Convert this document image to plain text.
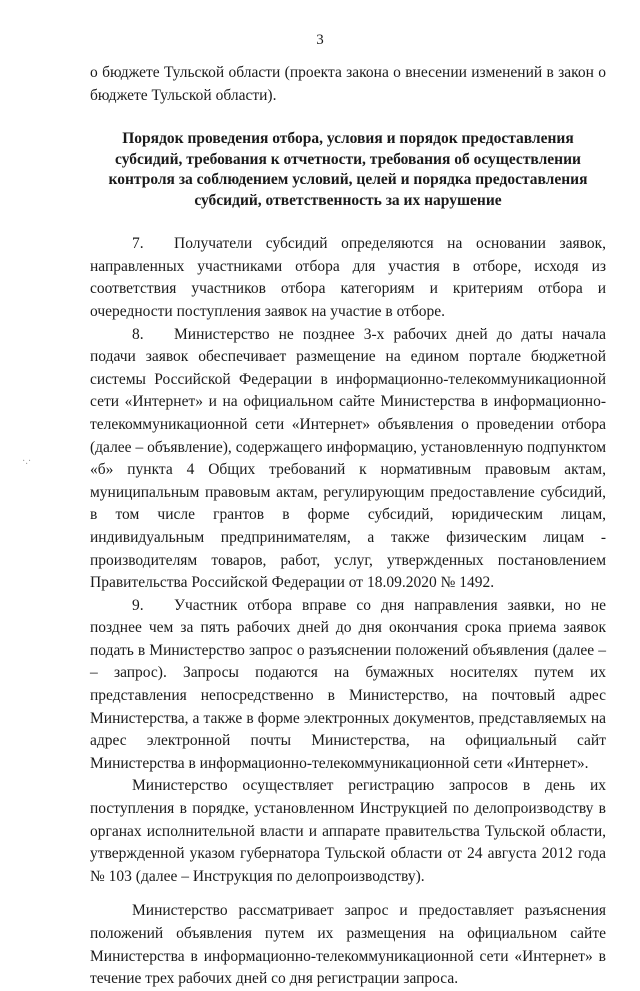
3
·.·

о бюджете Тульской области (проекта закона о внесении изменений в закон о бюджете Тульской области).

Порядок проведения отбора, условия и порядок предоставления субсидий, требования к отчетности, требования об осуществлении контроля за соблюдением условий, целей и порядка предоставления субсидий, ответственность за их нарушение

7. Получатели субсидий определяются на основании заявок, направленных участниками отбора для участия в отборе, исходя из соответствия участников отбора категориям и критериям отбора и очередности поступления заявок на участие в отборе.

8. Министерство не позднее 3-х рабочих дней до даты начала подачи заявок обеспечивает размещение на едином портале бюджетной системы Российской Федерации в информационно-телекоммуникационной сети «Интернет» и на официальном сайте Министерства в информационно-телекоммуникационной сети «Интернет» объявления о проведении отбора (далее – объявление), содержащего информацию, установленную подпунктом «б» пункта 4 Общих требований к нормативным правовым актам, муниципальным правовым актам, регулирующим предоставление субсидий, в том числе грантов в форме субсидий, юридическим лицам, индивидуальным предпринимателям, а также физическим лицам - производителям товаров, работ, услуг, утвержденных постановлением Правительства Российской Федерации от 18.09.2020 № 1492.

9. Участник отбора вправе со дня направления заявки, но не позднее чем за пять рабочих дней до дня окончания срока приема заявок подать в Министерство запрос о разъяснении положений объявления (далее – – запрос). Запросы подаются на бумажных носителях путем их представления непосредственно в Министерство, на почтовый адрес Министерства, а также в форме электронных документов, представляемых на адрес электронной почты Министерства, на официальный сайт Министерства в информационно-телекоммуникационной сети «Интернет».

Министерство осуществляет регистрацию запросов в день их поступления в порядке, установленном Инструкцией по делопроизводству в органах исполнительной власти и аппарате правительства Тульской области, утвержденной указом губернатора Тульской области от 24 августа 2012 года № 103 (далее – Инструкция по делопроизводству).

Министерство рассматривает запрос и предоставляет разъяснения положений объявления путем их размещения на официальном сайте Министерства в информационно-телекоммуникационной сети «Интернет» в течение трех рабочих дней со дня регистрации запроса.
